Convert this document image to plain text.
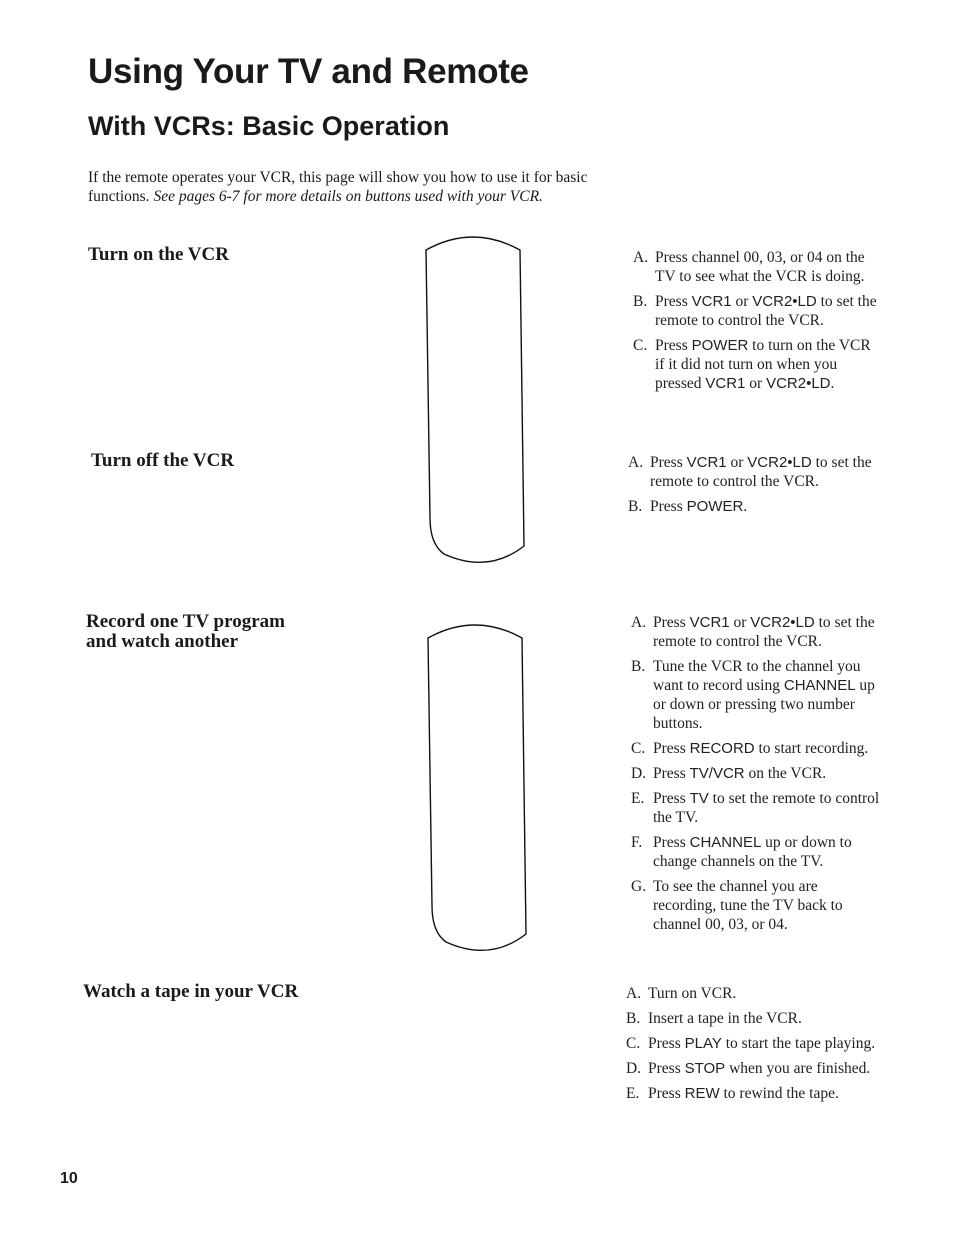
Using Your TV and Remote
With VCRs: Basic Operation
If the remote operates your VCR, this page will show you how to use it for basic functions. See pages 6-7 for more details on buttons used with your VCR.
Turn on the VCR
Turn off the VCR
Record one TV program and watch another
Watch a tape in your VCR
A. Press channel 00, 03, or 04 on the TV to see what the VCR is doing.
B. Press VCR1 or VCR2•LD to set the remote to control the VCR.
C. Press POWER to turn on the VCR if it did not turn on when you pressed VCR1 or VCR2•LD.
A. Press VCR1 or VCR2•LD to set the remote to control the VCR.
B. Press POWER.
A. Press VCR1 or VCR2•LD to set the remote to control the VCR.
B. Tune the VCR to the channel you want to record using CHANNEL up or down or pressing two number buttons.
C. Press RECORD to start recording.
D. Press TV/VCR on the VCR.
E. Press TV to set the remote to control the TV.
F. Press CHANNEL up or down to change channels on the TV.
G. To see the channel you are recording, tune the TV back to channel 00, 03, or 04.
A. Turn on VCR.
B. Insert a tape in the VCR.
C. Press PLAY to start the tape playing.
D. Press STOP when you are finished.
E. Press REW to rewind the tape.
10
